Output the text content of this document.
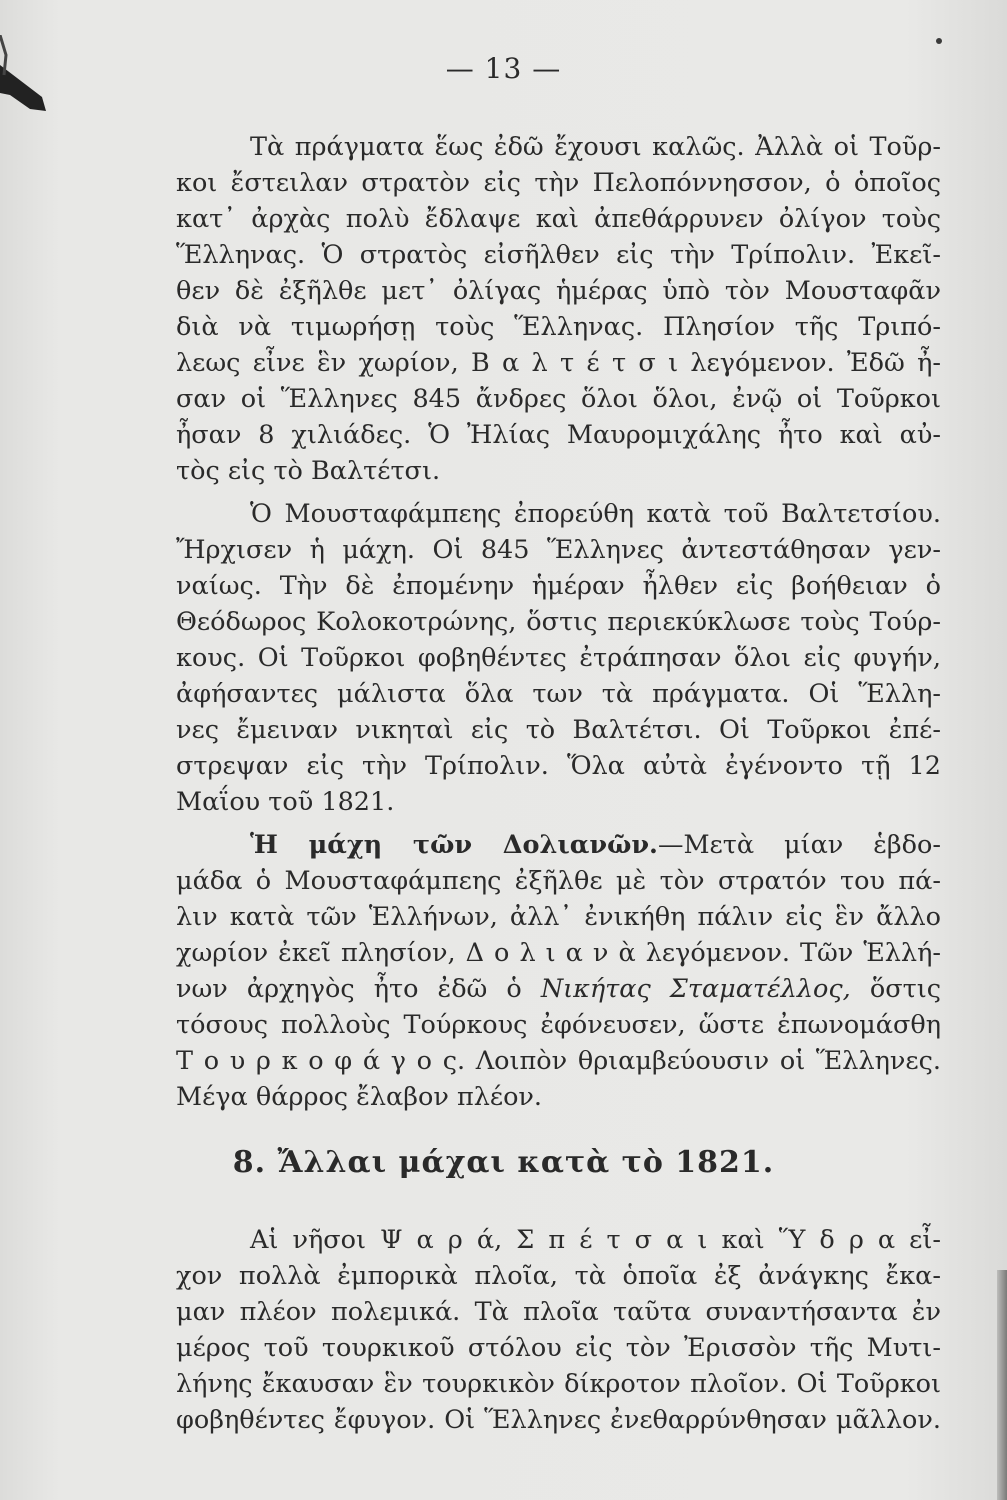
— 13 —
Τὰ πράγματα ἕως ἐδῶ ἔχουσι καλῶς. Ἀλλὰ οἱ Τοῦρ-
κοι ἔστειλαν στρατὸν εἰς τὴν Πελοπόννησσον, ὁ ὁποῖος
κατ᾽ ἀρχὰς πολὺ ἔδλαψε καὶ ἀπεθάρρυνεν ὀλίγον τοὺς
Ἕλληνας. Ὁ στρατὸς εἰσῆλθεν εἰς τὴν Τρίπολιν. Ἐκεῖ-
θεν δὲ ἐξῆλθε μετ᾽ ὀλίγας ἡμέρας ὑπὸ τὸν Μουσταφᾶν
διὰ νὰ τιμωρήσῃ τοὺς Ἕλληνας. Πλησίον τῆς Τριπό-
λεως εἶνε ἓν χωρίον, Β α λ τ έ τ σ ι λεγόμενον. Ἐδῶ ἦ-
σαν οἱ Ἕλληνες 845 ἄνδρες ὅλοι ὅλοι, ἐνῷ οἱ Τοῦρκοι
ἦσαν 8 χιλιάδες. Ὁ Ἠλίας Μαυρομιχάλης ἦτο καὶ αὐ-
τὸς εἰς τὸ Βαλτέτσι.
Ὁ Μουσταφάμπεης ἐπορεύθη κατὰ τοῦ Βαλτετσίου.
Ἤρχισεν ἡ μάχη. Οἱ 845 Ἕλληνες ἀντεστάθησαν γεν-
ναίως. Τὴν δὲ ἐπομένην ἡμέραν ἦλθεν εἰς βοήθειαν ὁ
Θεόδωρος Κολοκοτρώνης, ὅστις περιεκύκλωσε τοὺς Τούρ-
κους. Οἱ Τοῦρκοι φοβηθέντες ἐτράπησαν ὅλοι εἰς φυγήν,
ἀφήσαντες μάλιστα ὅλα των τὰ πράγματα. Οἱ Ἕλλη-
νες ἔμειναν νικηταὶ εἰς τὸ Βαλτέτσι. Οἱ Τοῦρκοι ἐπέ-
στρεψαν εἰς τὴν Τρίπολιν. Ὅλα αὐτὰ ἐγένοντο τῇ 12
Μαΐου τοῦ 1821.
Ἡ μάχη τῶν Δολιανῶν.—Μετὰ μίαν ἑβδο-
μάδα ὁ Μουσταφάμπεης ἐξῆλθε μὲ τὸν στρατόν του πά-
λιν κατὰ τῶν Ἑλλήνων, ἀλλ᾽ ἐνικήθη πάλιν εἰς ἓν ἄλλο
χωρίον ἐκεῖ πλησίον, Δ ο λ ι α ν ὰ λεγόμενον. Τῶν Ἑλλή-
νων ἀρχηγὸς ἦτο ἐδῶ ὁ Νικήτας Σταματέλλος, ὅστις
τόσους πολλοὺς Τούρκους ἐφόνευσεν, ὥστε ἐπωνομάσθη
Τ ο υ ρ κ ο φ ά γ ο ς. Λοιπὸν θριαμβεύουσιν οἱ Ἕλληνες.
Μέγα θάρρος ἔλαβον πλέον.
8. Ἄλλαι μάχαι κατὰ τὸ 1821.
Αἱ νῆσοι Ψ α ρ ά, Σ π έ τ σ α ι καὶ Ὕ δ ρ α εἶ-
χον πολλὰ ἐμπορικὰ πλοῖα, τὰ ὁποῖα ἐξ ἀνάγκης ἔκα-
μαν πλέον πολεμικά. Τὰ πλοῖα ταῦτα συναντήσαντα ἐν
μέρος τοῦ τουρκικοῦ στόλου εἰς τὸν Ἐρισσὸν τῆς Μυτι-
λήνης ἔκαυσαν ἓν τουρκικὸν δίκροτον πλοῖον. Οἱ Τοῦρκοι
φοβηθέντες ἔφυγον. Οἱ Ἕλληνες ἐνεθαρρύνθησαν μᾶλλον.
